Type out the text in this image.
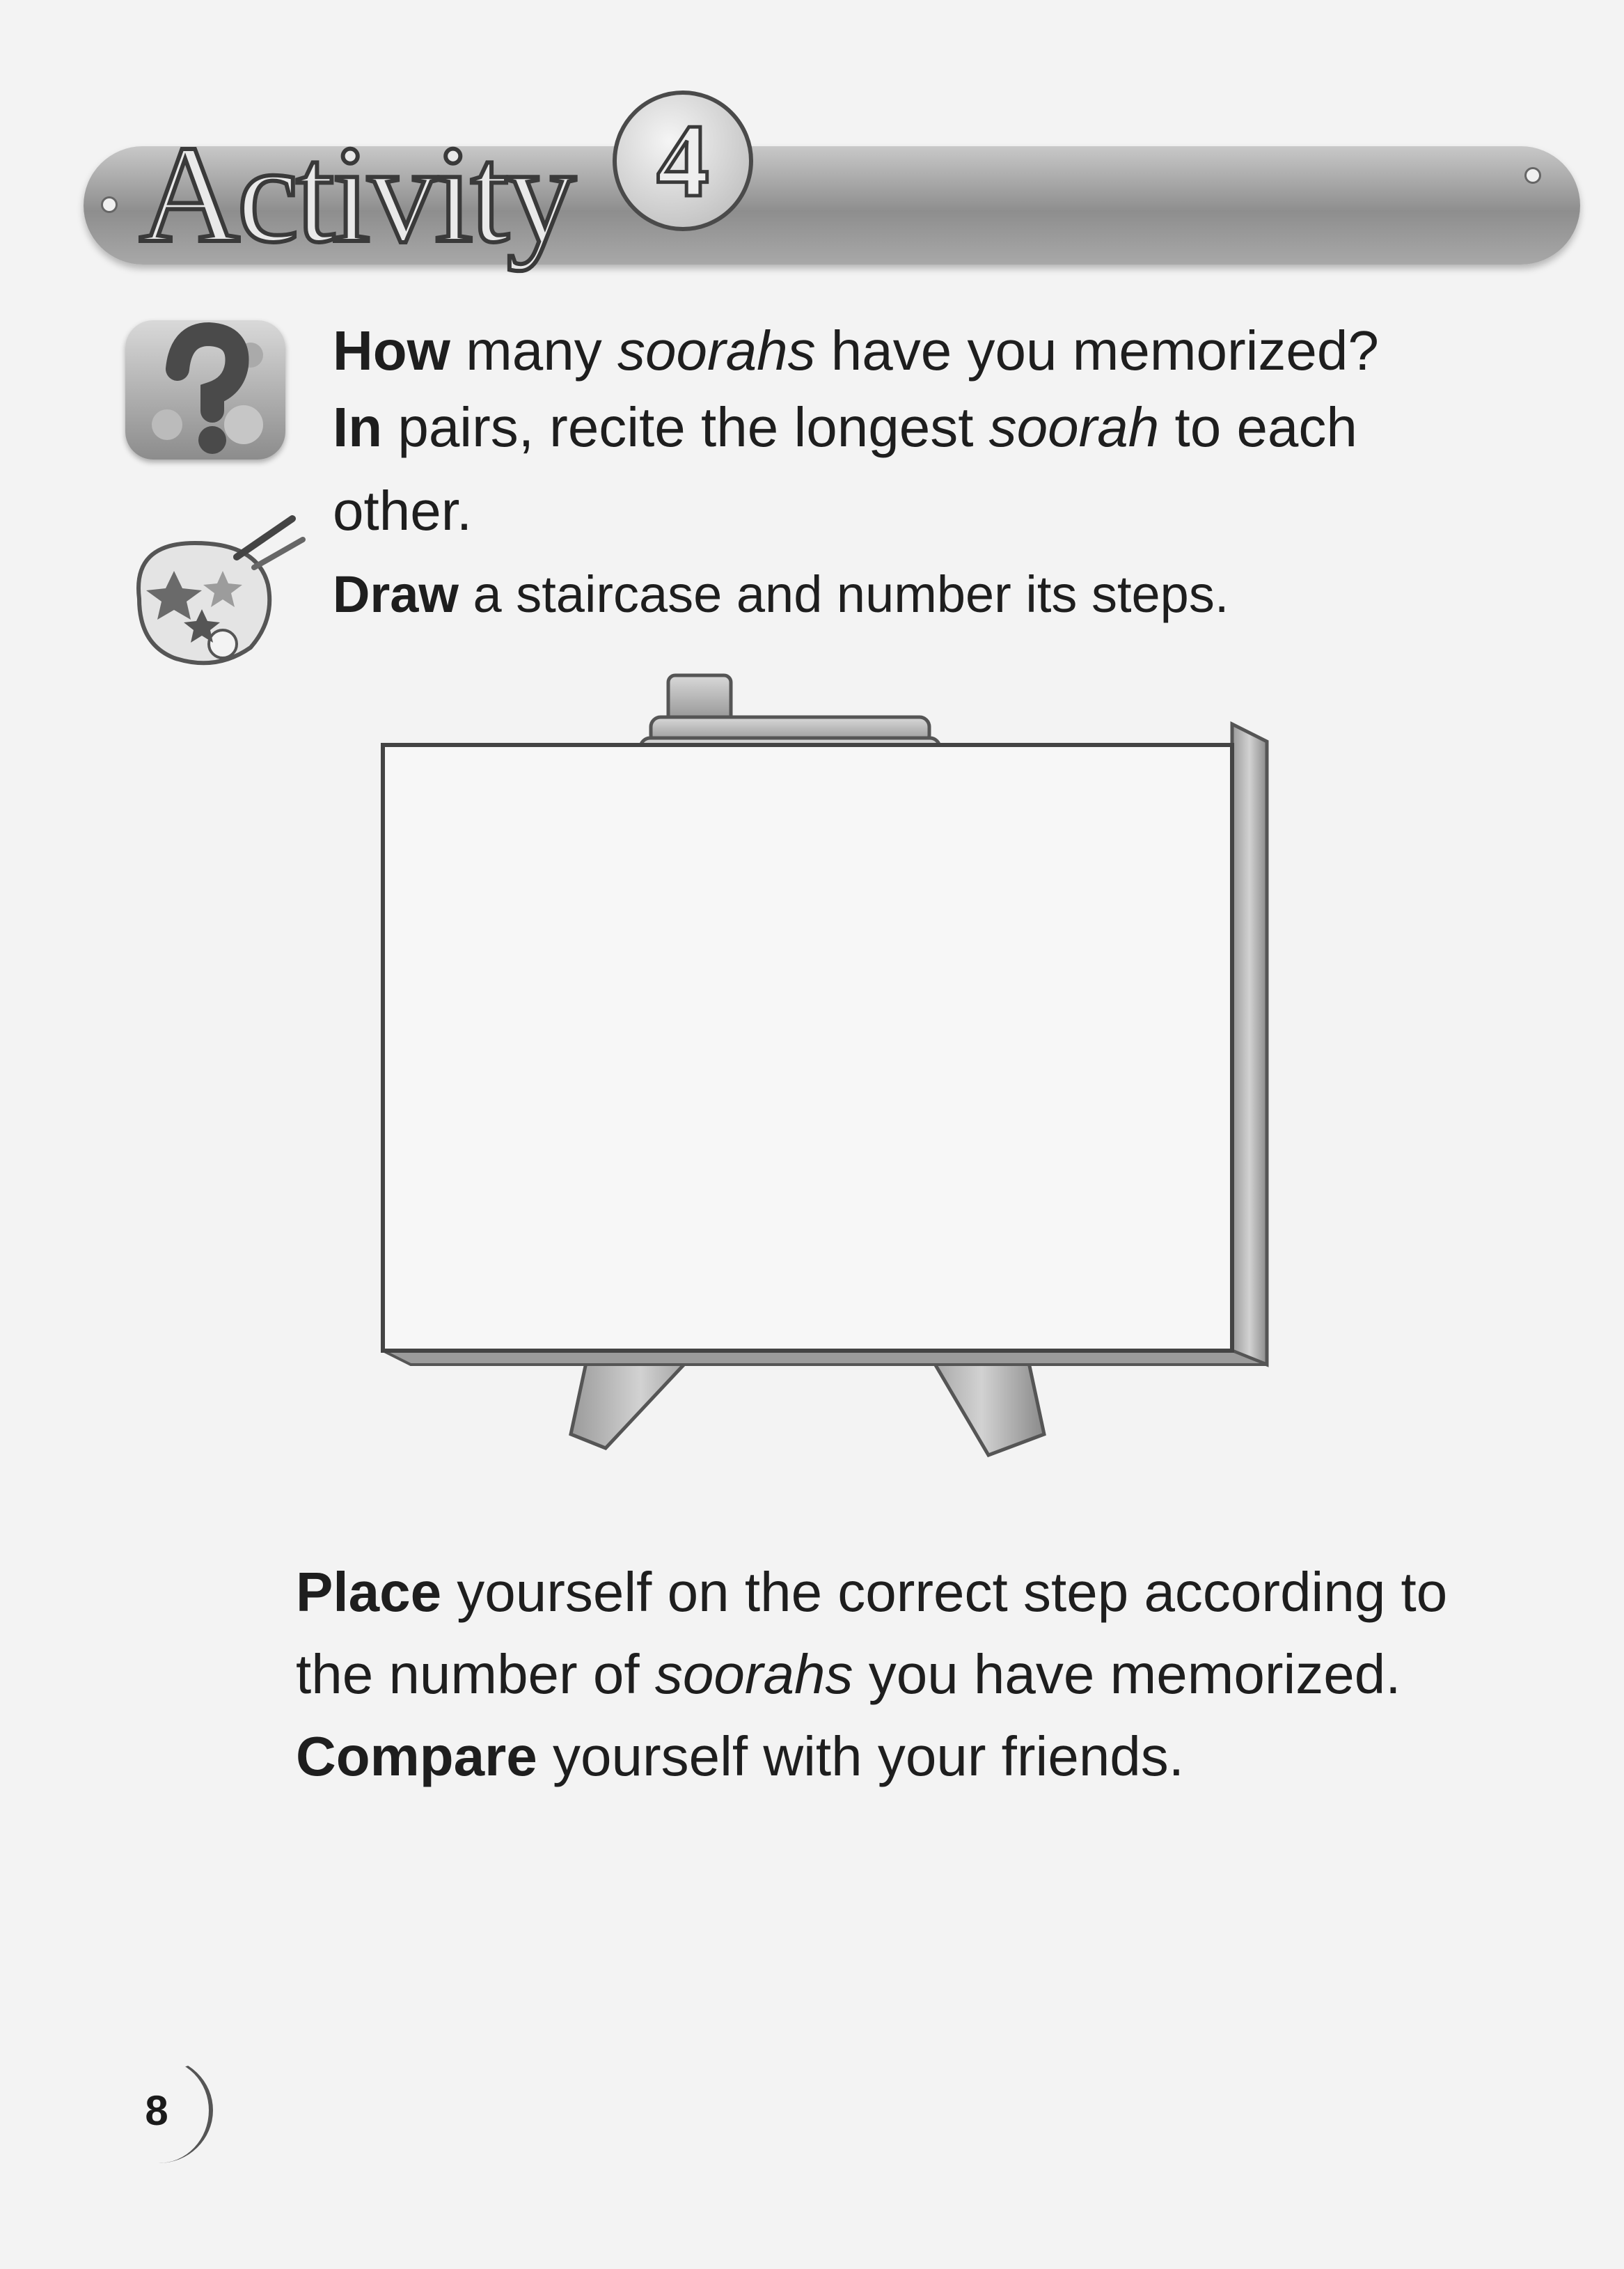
Activity 4

How many soorahs have you memorized?

In pairs, recite the longest soorah to each

other.

Draw a staircase and number its steps.

Place yourself on the correct step according to

the number of soorahs you have memorized.

Compare yourself with your friends.

8
